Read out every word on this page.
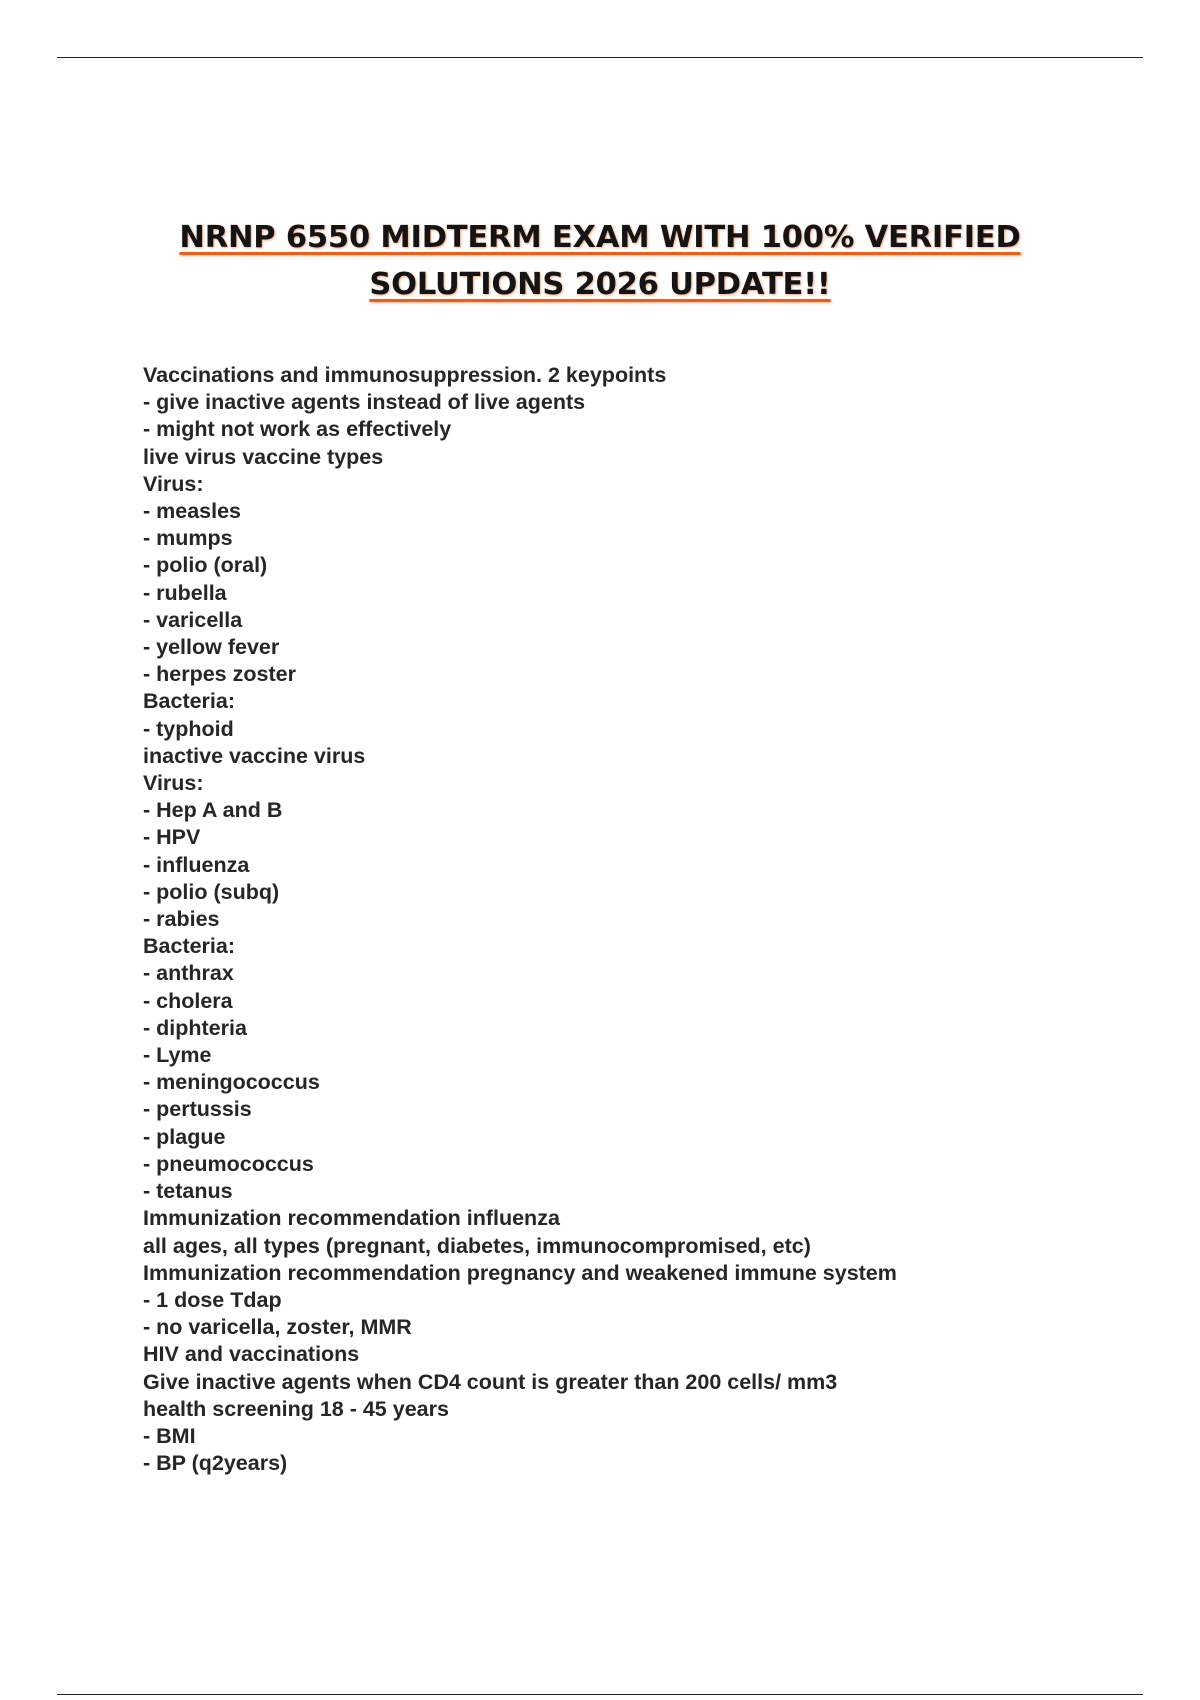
NRNP 6550 MIDTERM EXAM WITH 100% VERIFIED
SOLUTIONS 2026 UPDATE!!
Vaccinations and immunosuppression. 2 keypoints
- give inactive agents instead of live agents
- might not work as effectively
live virus vaccine types
Virus:
- measles
- mumps
- polio (oral)
- rubella
- varicella
- yellow fever
- herpes zoster
Bacteria:
- typhoid
inactive vaccine virus
Virus:
- Hep A and B
- HPV
- influenza
- polio (subq)
- rabies
Bacteria:
- anthrax
- cholera
- diphteria
- Lyme
- meningococcus
- pertussis
- plague
- pneumococcus
- tetanus
Immunization recommendation influenza
all ages, all types (pregnant, diabetes, immunocompromised, etc)
Immunization recommendation pregnancy and weakened immune system
- 1 dose Tdap
- no varicella, zoster, MMR
HIV and vaccinations
Give inactive agents when CD4 count is greater than 200 cells/ mm3
health screening 18 - 45 years
- BMI
- BP (q2years)
